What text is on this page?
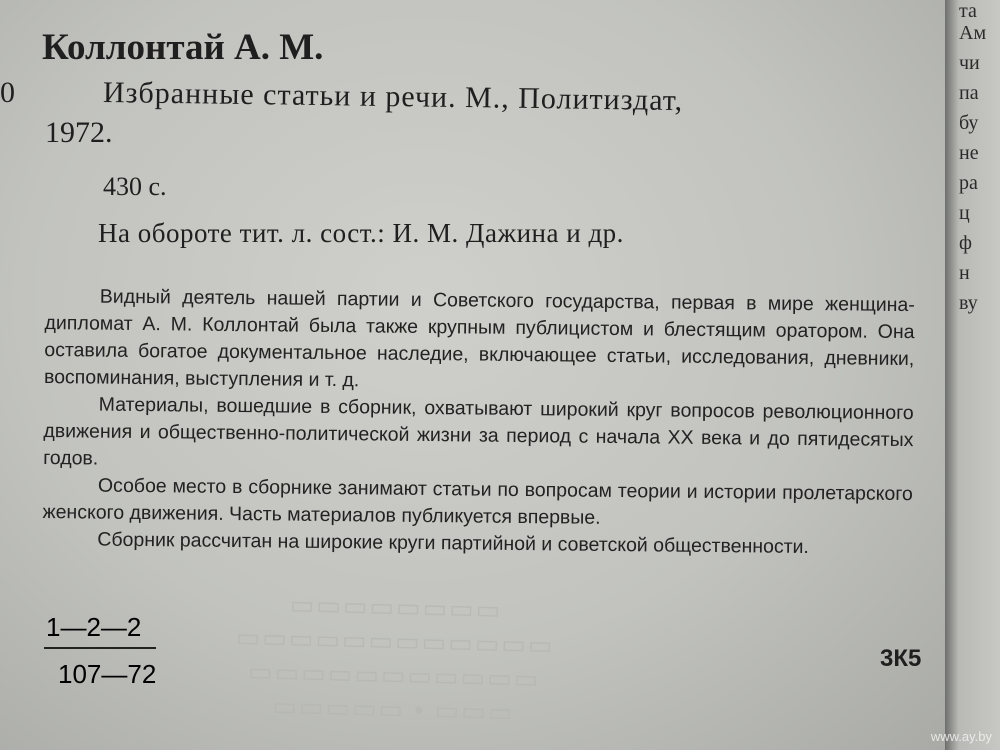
Коллонтай А. М.
0	Избранные статьи и речи. М., Политиздат,
1972.
430 с.
На обороте тит. л. сост.: И. М. Дажина и др.

Видный деятель нашей партии и Советского государства, первая в мире женщина-дипломат А. М. Коллонтай была также крупным публицистом и блестящим оратором. Она оставила богатое документальное наследие, включающее статьи, исследования, дневники, воспоминания, выступления и т. д.

Материалы, вошедшие в сборник, охватывают широкий круг вопросов революционного движения и общественно-политической жизни за период с начала XX века и до пятидесятых годов.

Особое место в сборнике занимают статьи по вопросам теории и истории пролетарского женского движения. Часть материалов публикуется впервые.

Сборник рассчитан на широкие круги партийной и советской общественности.

▭▭▭▭▭▭▭▭
▭▭▭▭▭▭▭▭▭▭▭▭
▭▭▭▭▭▭▭▭▭▭▭
▭▭▭▭▭ • ▭▭▭
$\frac{1—2—2}{107—72}$	3К5
та
Ам
чи
па
бу
не
ра
ц
ф
н
ву
www.ay.by
